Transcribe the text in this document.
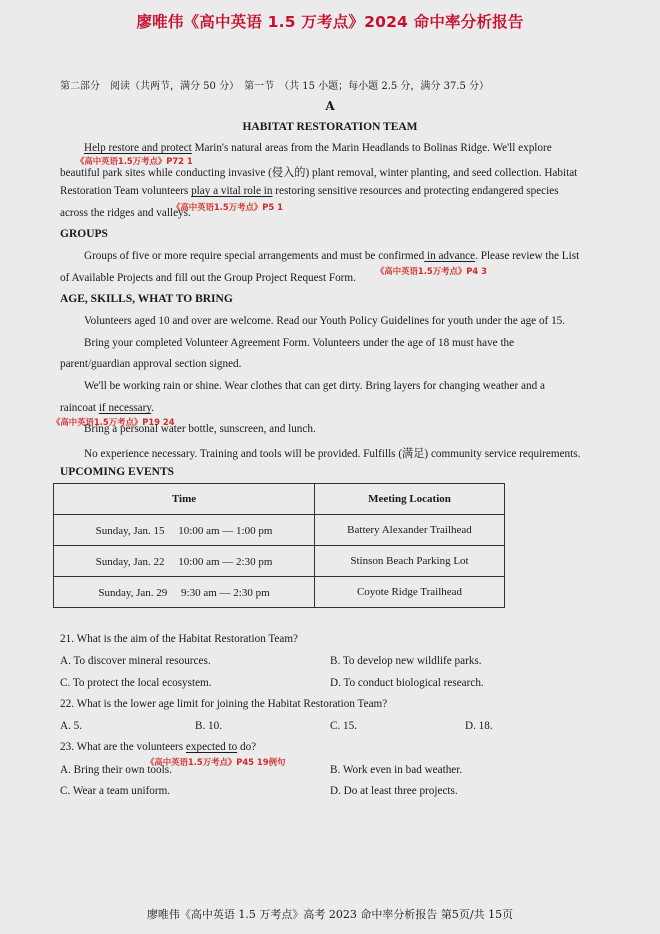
廖唯伟《高中英语 1.5 万考点》2024 命中率分析报告
第二部分　阅读（共两节，满分 50 分）　第一节　（共 15 小题；每小题 2.5 分，满分 37.5 分）
A
HABITAT RESTORATION TEAM
Help restore and protect Marin's natural areas from the Marin Headlands to Bolinas Ridge. We'll explore
《高中英语1.5万考点》P72 1
beautiful park sites while conducting invasive (侵入的) plant removal, winter planting, and seed collection. Habitat
Restoration Team volunteers play a vital role in restoring sensitive resources and protecting endangered species
《高中英语1.5万考点》P5 1
across the ridges and valleys.
GROUPS
Groups of five or more require special arrangements and must be confirmed in advance. Please review the List
《高中英语1.5万考点》P4 3
of Available Projects and fill out the Group Project Request Form.
AGE, SKILLS, WHAT TO BRING
Volunteers aged 10 and over are welcome. Read our Youth Policy Guidelines for youth under the age of 15.
Bring your completed Volunteer Agreement Form. Volunteers under the age of 18 must have the
parent/guardian approval section signed.
We'll be working rain or shine. Wear clothes that can get dirty. Bring layers for changing weather and a
raincoat if necessary.
《高中英语1.5万考点》P19 24
Bring a personal water bottle, sunscreen, and lunch.
No experience necessary. Training and tools will be provided. Fulfills (满足) community service requirements.
UPCOMING EVENTS
Time	Meeting Location
Sunday, Jan. 15　 10:00 am — 1:00 pm	Battery Alexander Trailhead
Sunday, Jan. 22　 10:00 am — 2:30 pm	Stinson Beach Parking Lot
Sunday, Jan. 29　 9:30 am — 2:30 pm	Coyote Ridge Trailhead
21. What is the aim of the Habitat Restoration Team?
A. To discover mineral resources.	B. To develop new wildlife parks.
C. To protect the local ecosystem.	D. To conduct biological research.
22. What is the lower age limit for joining the Habitat Restoration Team?
A. 5.	B. 10.	C. 15.	D. 18.
23. What are the volunteers expected to do?
《高中英语1.5万考点》P45 19例句
A. Bring their own tools.	B. Work even in bad weather.
C. Wear a team uniform.	D. Do at least three projects.
廖唯伟《高中英语 1.5 万考点》高考 2023 命中率分析报告 第5页/共 15页
